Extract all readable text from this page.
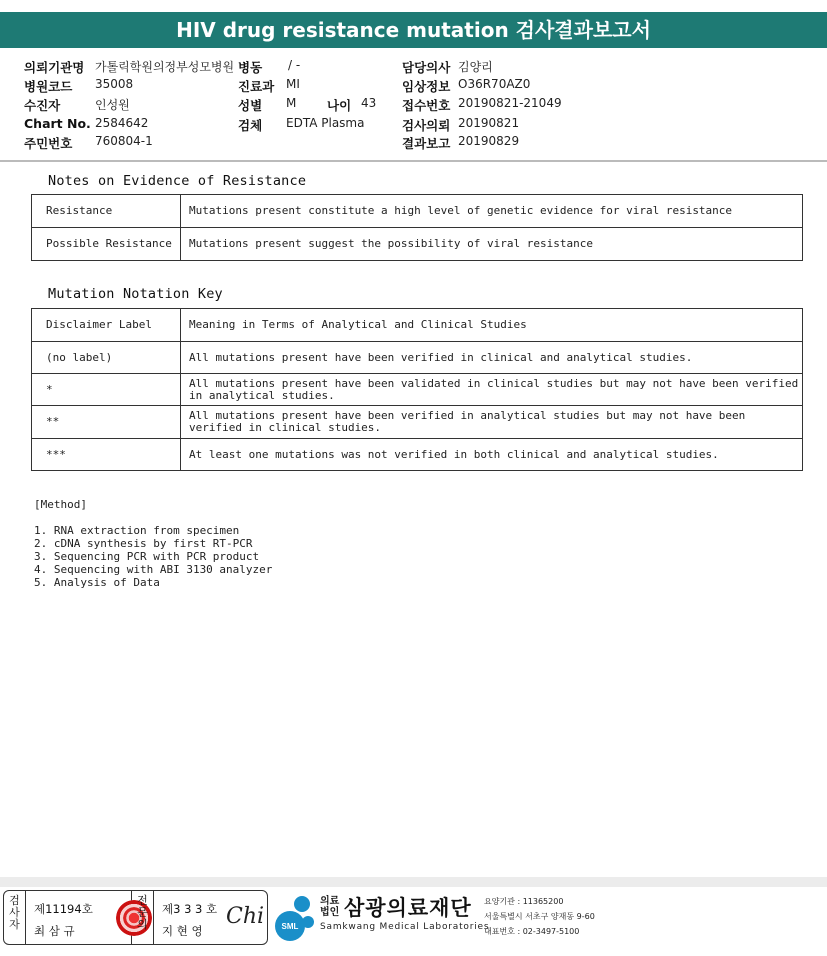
HIV drug resistance mutation 검사결과보고서
의뢰기관명 가톨릭학원의정부성모병원 병동 / -	담당의사 김양리
병원코드 35008	진료과 MI	임상정보 O36R70AZ0
수진자	인성원	성별 M 나이 43 접수번호 20190821-21049
Chart No. 2584642	검체 EDTA Plasma	검사의뢰 20190821
주민번호 760804-1	결과보고 20190829
Notes on Evidence of Resistance
Resistance	Mutations present constitute a high level of genetic evidence for viral resistance
Possible Resistance	Mutations present suggest the possibility of viral resistance
Mutation Notation Key
Disclaimer Label	Meaning in Terms of Analytical and Clinical Studies
(no label)	All mutations present have been verified in clinical and analytical studies.
*	All mutations present have been validated in clinical studies but may not have been verified in analytical studies.
**	All mutations present have been verified in analytical studies but may not have been verified in clinical studies.
***	At least one mutations was not verified in both clinical and analytical studies.
[Method]
1. RNA extraction from specimen
2. cDNA synthesis by first RT-PCR
3. Sequencing PCR with PCR product
4. Sequencing with ABI 3130 analyzer
5. Analysis of Data
검사자
제11194호
최 삼 규
전문의
제3 3 3 호
지 현 영
Chi SML
의료
법인 삼광의료재단
Samkwang Medical Laboratories
요양기관 : 11365200
서울특별시 서초구 양재동 9-60
대표번호 : 02-3497-5100
